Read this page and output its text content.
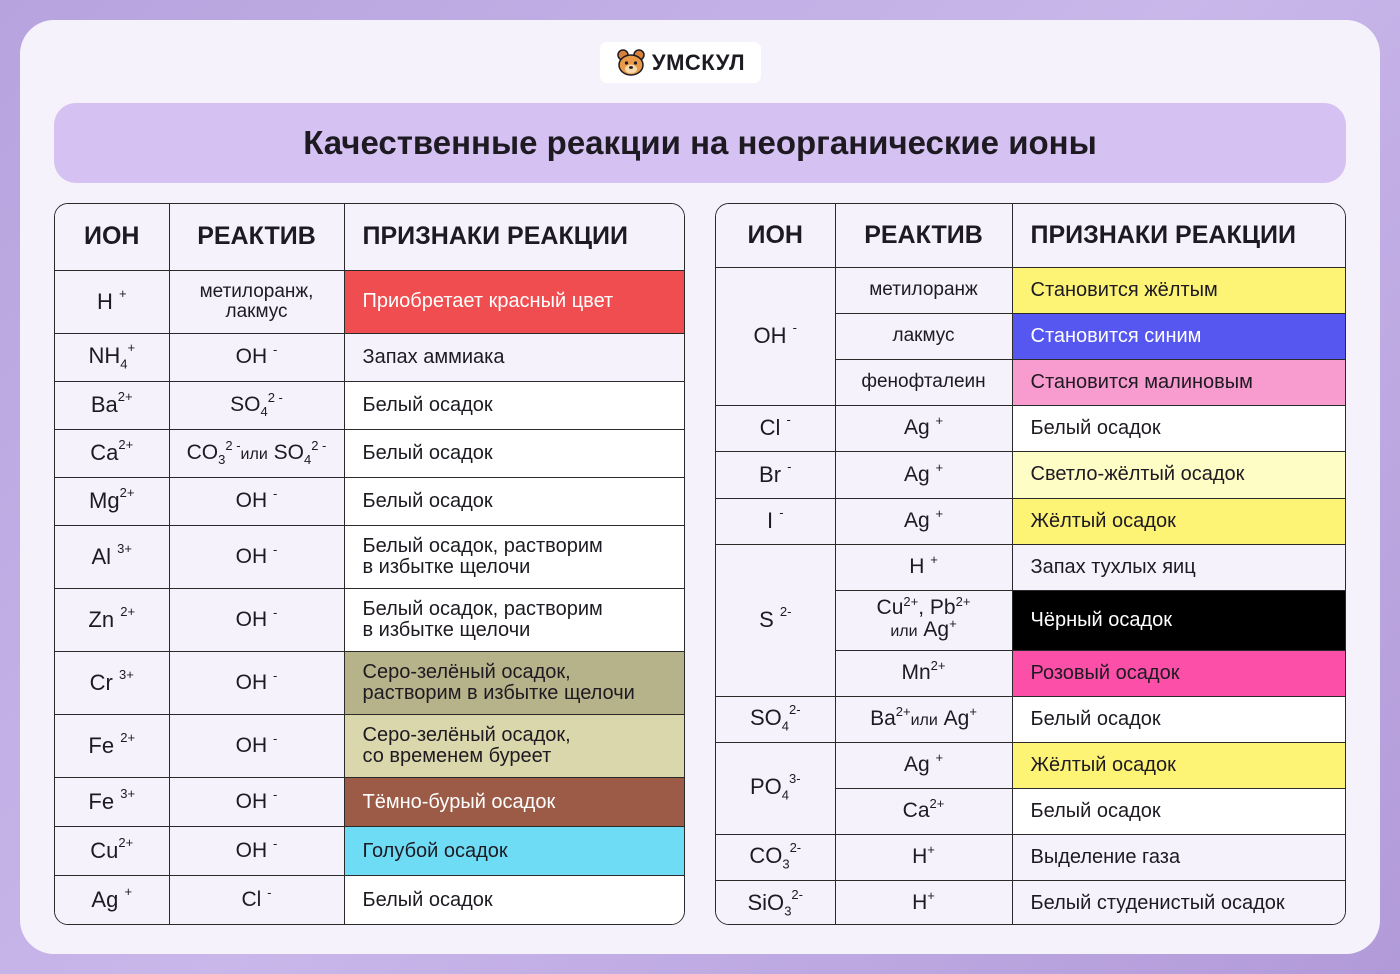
УМСКУЛ
Качественные реакции на неорганические ионы
ИОН	РЕАКТИВ	ПРИЗНАКИ РЕАКЦИИ
H +	метилоранж, лакмус	Приобретает красный цвет
$NH_4^+$	OH -	Запах аммиака
$Ba^{2+}$	$SO_4^{2 -}$	Белый осадок
$Ca^{2+}$	$CO_3^{2 -}или$ $SO_4^{2 -}$	Белый осадок
$Mg^{2+}$	OH -	Белый осадок
Al $^{3+}$	OH -	Белый осадок, растворим
в избытке щелочи
Zn $^{2+}$	OH -	Белый осадок, растворим
в избытке щелочи
Cr $^{3+}$	OH -	Серо-зелёный осадок,
растворим в избытке щелочи
Fe $^{2+}$	OH -	Серо-зелёный осадок,
со временем буреет
Fe $^{3+}$	OH -	Тёмно-бурый осадок
$Cu^{2+}$	OH -	Голубой осадок
Ag +	Cl -	Белый осадок
ИОН	РЕАКТИВ	ПРИЗНАКИ РЕАКЦИИ
OH -	метилоранж	Становится жёлтым
	лакмус	Становится синим
	фенофталеин	Становится малиновым
Cl -	Ag +	Белый осадок
Br -	Ag +	Светло-жёлтый осадок
I -	Ag +	Жёлтый осадок
S $^{2-}$	H +	Запах тухлых яиц
	$Cu^{2+}$, $Pb^{2+}$
или Ag+	Чёрный осадок
	$Mn^{2+}$	Розовый осадок
$SO_4^{2-}$	$Ba^{2+}или$ Ag+	Белый осадок
$PO_4^{3-}$	Ag +	Жёлтый осадок
	$Ca^{2+}$	Белый осадок
$CO_3^{2-}$	H+	Выделение газа
SiO$_3^{2-}$	H+	Белый студенистый осадок
